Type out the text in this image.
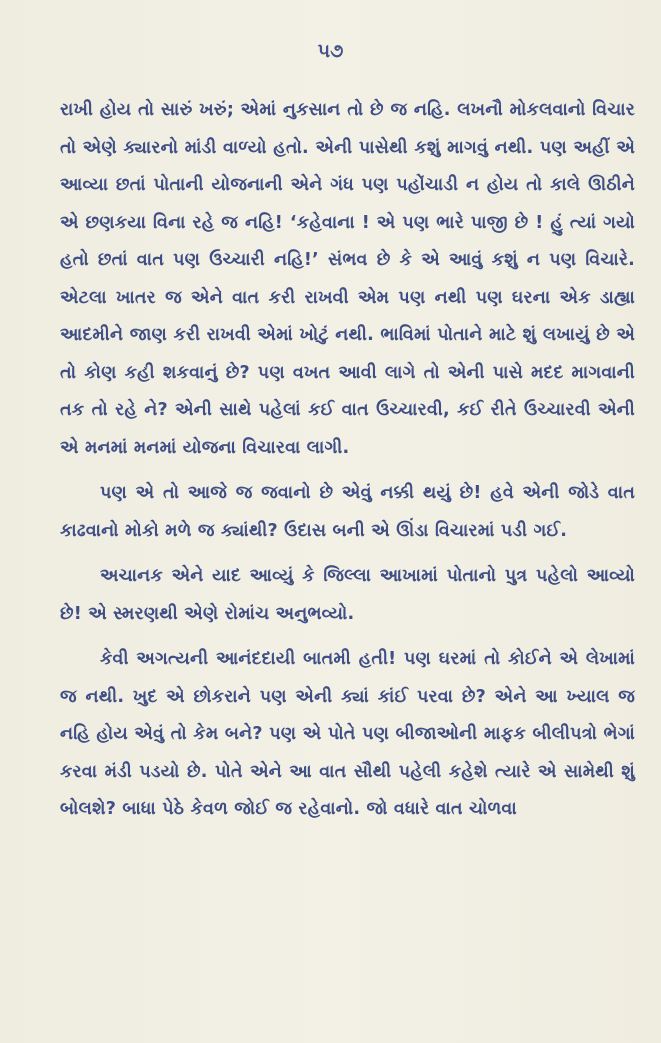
૫૭

રાખી હોય તો સારું ખરું; એમાં નુકસાન તો છે જ નહિ. લખનૌ મોકલવાનો વિચાર તો એણે ક્યારનો માંડી વાળ્યો હતો. એની પાસેથી કશું માગવું નથી. પણ અહીં એ આવ્યા છતાં પોતાની યોજનાની એને ગંધ પણ પહોંચાડી ન હોય તો કાલે ઊઠીને એ છણકયા વિના રહે જ નહિ! ‘કહેવાના ! એ પણ ભારે પાજી છે ! હું ત્યાં ગયો હતો છતાં વાત પણ ઉચ્ચારી નહિ!’ સંભવ છે કે એ આવું કશું ન પણ વિચારે. એટલા ખાતર જ એને વાત કરી રાખવી એમ પણ નથી પણ ઘરના એક ડાહ્યા આદમીને જાણ કરી રાખવી એમાં ખોટું નથી. ભાવિમાં પોતાને માટે શું લખાયું છે એ તો કોણ કહી શકવાનું છે? પણ વખત આવી લાગે તો એની પાસે મદદ માગવાની તક તો રહે ને? એની સાથે પહેલાં કઈ વાત ઉચ્ચારવી, કઈ રીતે ઉચ્ચારવી એની એ મનમાં મનમાં યોજના વિચારવા લાગી.

પણ એ તો આજે જ જવાનો છે એવું નક્કી થયું છે! હવે એની જોડે વાત કાઢવાનો મોકો મળે જ ક્યાંથી? ઉદાસ બની એ ઊંડા વિચારમાં પડી ગઈ.

અચાનક એને યાદ આવ્યું કે જિલ્લા આખામાં પોતાનો પુત્ર પહેલો આવ્યો છે! એ સ્મરણથી એણે રોમાંચ અનુભવ્યો.

કેવી અગત્યની આનંદદાયી બાતમી હતી! પણ ઘરમાં તો કોઈને એ લેખામાં જ નથી. ખુદ એ છોકરાને પણ એની ક્યાં કાંઈ પરવા છે? એને આ ખ્યાલ જ નહિ હોય એવું તો કેમ બને? પણ એ પોતે પણ બીજાઓની માફક બીલીપત્રો ભેગાં કરવા મંડી પડયો છે. પોતે એને આ વાત સૌથી પહેલી કહેશે ત્યારે એ સામેથી શું બોલશે? બાધા પેઠે કેવળ જોઈ જ રહેવાનો. જો વધારે વાત ચોળવા
